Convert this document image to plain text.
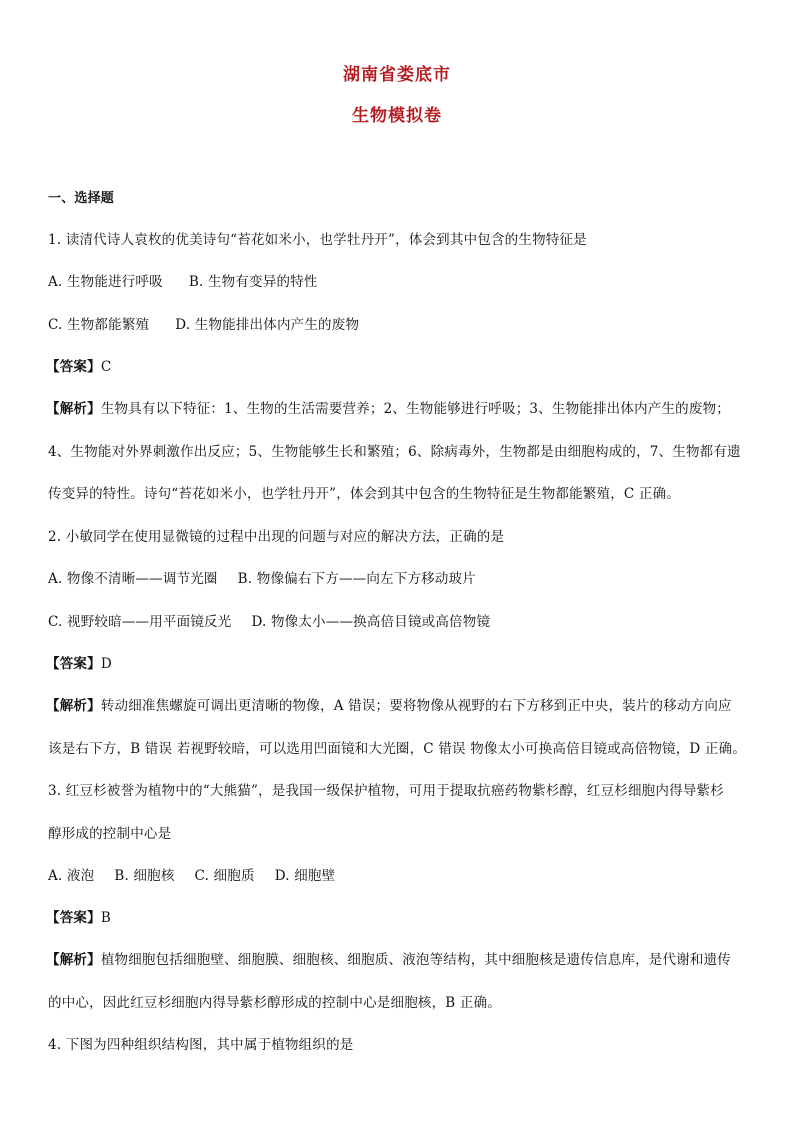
湖南省娄底市
生物模拟卷
一、选择题
1. 读清代诗人袁枚的优美诗句“苔花如米小，也学牡丹开”，体会到其中包含的生物特征是
A. 生物能进行呼吸 B. 生物有变异的特性
C. 生物都能繁殖 D. 生物能排出体内产生的废物
【答案】C
【解析】生物具有以下特征：1、生物的生活需要营养；2、生物能够进行呼吸；3、生物能排出体内产生的废物；
4、生物能对外界刺激作出反应；5、生物能够生长和繁殖；6、除病毒外，生物都是由细胞构成的，7、生物都有遗
传变异的特性。诗句“苔花如米小，也学牡丹开”，体会到其中包含的生物特征是生物都能繁殖，C 正确。
2. 小敏同学在使用显微镜的过程中出现的问题与对应的解决方法，正确的是
A. 物像不清晰——调节光圈 B. 物像偏右下方——向左下方移动玻片
C. 视野较暗——用平面镜反光 D. 物像太小——换高倍目镜或高倍物镜
【答案】D
【解析】转动细准焦螺旋可调出更清晰的物像，A 错误；要将物像从视野的右下方移到正中央，装片的移动方向应
该是右下方，B 错误 若视野较暗，可以选用凹面镜和大光圈，C 错误 物像太小可换高倍目镜或高倍物镜，D 正确。
3. 红豆杉被誉为植物中的“大熊猫”，是我国一级保护植物，可用于提取抗癌药物紫杉醇，红豆杉细胞内得导紫杉
醇形成的控制中心是
A. 液泡 B. 细胞核 C. 细胞质 D. 细胞壁
【答案】B
【解析】植物细胞包括细胞壁、细胞膜、细胞核、细胞质、液泡等结构，其中细胞核是遗传信息库，是代谢和遗传
的中心，因此红豆杉细胞内得导紫杉醇形成的控制中心是细胞核，B 正确。
4. 下图为四种组织结构图，其中属于植物组织的是
